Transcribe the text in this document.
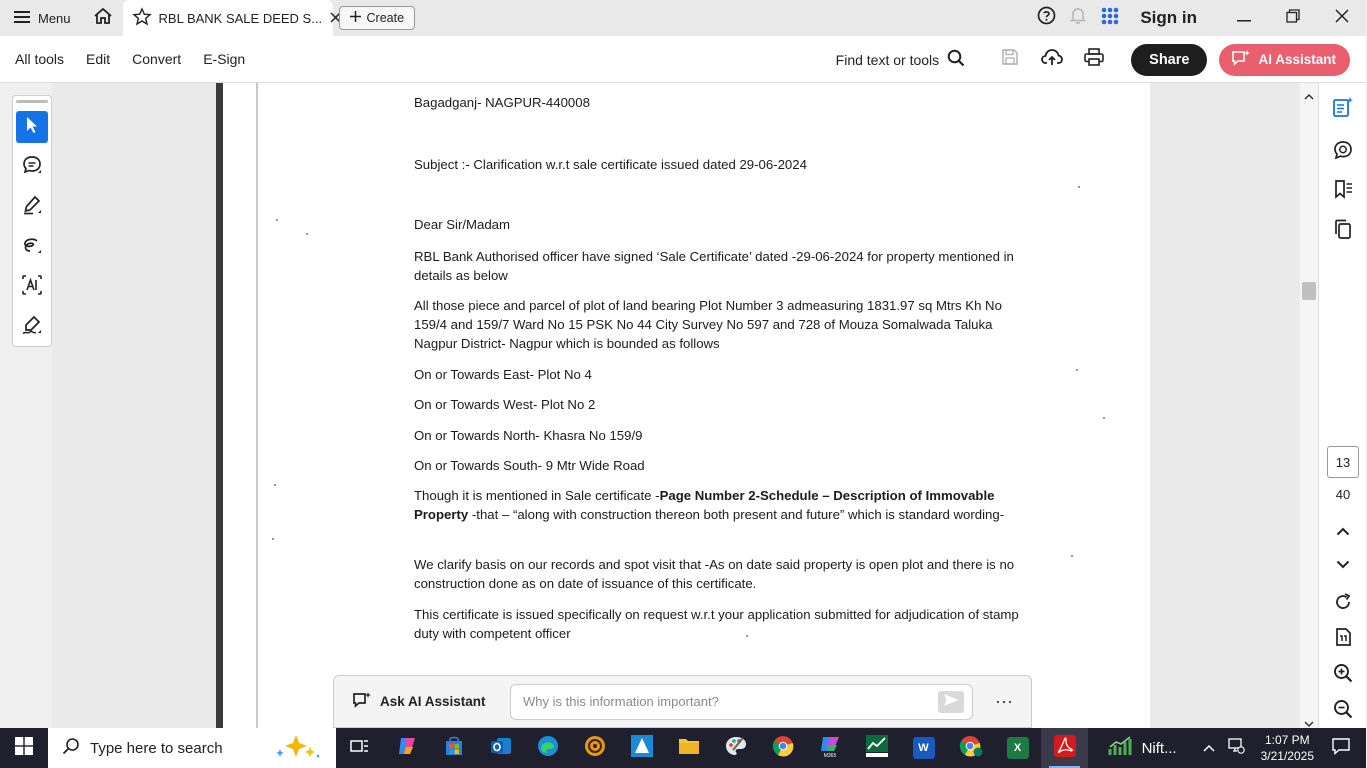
Menu	RBL BANK SALE DEED S...	Create	Sign in
All tools	Edit	Convert	E-Sign	Find text or tools	Share	AI Assistant

Bagadganj- NAGPUR-440008

Subject :- Clarification w.r.t sale certificate issued dated 29-06-2024

Dear Sir/Madam

RBL Bank Authorised officer have signed ‘Sale Certificate’ dated -29-06-2024 for property mentioned in details as below

All those piece and parcel of plot of land bearing Plot Number 3 admeasuring 1831.97 sq Mtrs Kh No 159/4 and 159/7 Ward No 15 PSK No 44 City Survey No 597 and 728 of Mouza Somalwada Taluka Nagpur District- Nagpur which is bounded as follows

On or Towards East- Plot No 4

On or Towards West- Plot No 2

On or Towards North- Khasra No 159/9

On or Towards South- 9 Mtr Wide Road

Though it is mentioned in Sale certificate -Page Number 2-Schedule – Description of Immovable Property -that – “along with construction thereon both present and future” which is standard wording-

We clarify basis on our records and spot visit that -As on date said property is open plot and there is no construction done as on date of issuance of this certificate.

This certificate is issued specifically on request w.r.t your application submitted for adjudication of stamp duty with competent officer

13
40
Ask AI Assistant
Why is this information important?	···
Type here to search	M365
W	X	Nift...	1:07 PM
3/21/2025
